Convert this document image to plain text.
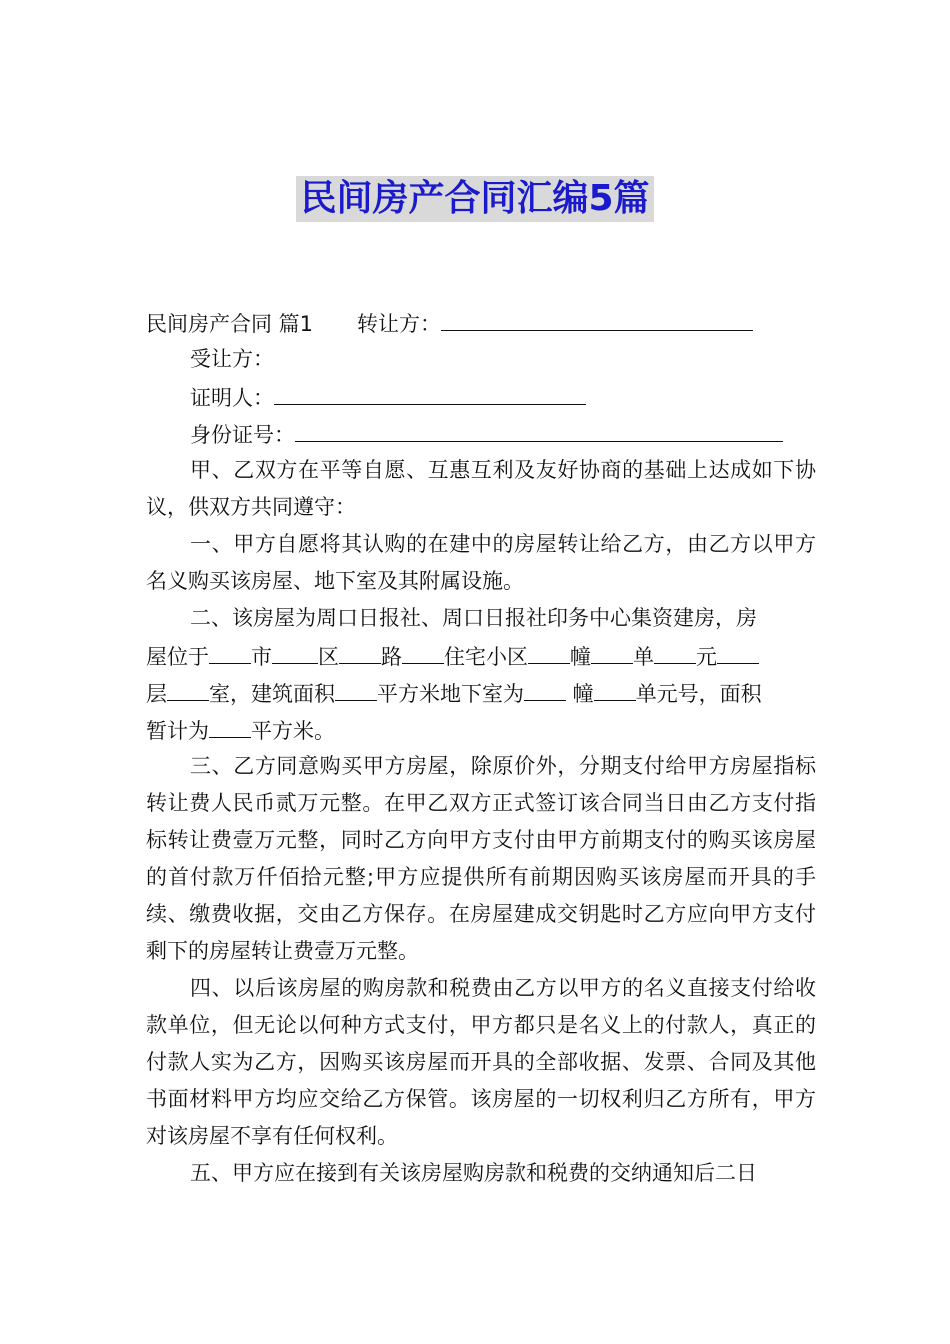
民间房产合同汇编5篇
民间房产合同 篇1 转让方：
受让方：
证明人：
身份证号：

甲、乙双方在平等自愿、互惠互利及友好协商的基础上达成如下协议，供双方共同遵守：

一、甲方自愿将其认购的在建中的房屋转让给乙方，由乙方以甲方名义购买该房屋、地下室及其附属设施。

二、该房屋为周口日报社、周口日报社印务中心集资建房，房
屋位于 市 区 路 住宅小区 幢 单 元
层 室，建筑面积 平方米地下室为 幢 单元号，面积
暂计为 平方米。

三、乙方同意购买甲方房屋，除原价外，分期支付给甲方房屋指标转让费人民币贰万元整。在甲乙双方正式签订该合同当日由乙方支付指标转让费壹万元整，同时乙方向甲方支付由甲方前期支付的购买该房屋的首付款万仟佰拾元整;甲方应提供所有前期因购买该房屋而开具的手续、缴费收据，交由乙方保存。在房屋建成交钥匙时乙方应向甲方支付剩下的房屋转让费壹万元整。

四、以后该房屋的购房款和税费由乙方以甲方的名义直接支付给收款单位，但无论以何种方式支付，甲方都只是名义上的付款人，真正的付款人实为乙方，因购买该房屋而开具的全部收据、发票、合同及其他书面材料甲方均应交给乙方保管。该房屋的一切权利归乙方所有，甲方对该房屋不享有任何权利。

五、甲方应在接到有关该房屋购房款和税费的交纳通知后二日
